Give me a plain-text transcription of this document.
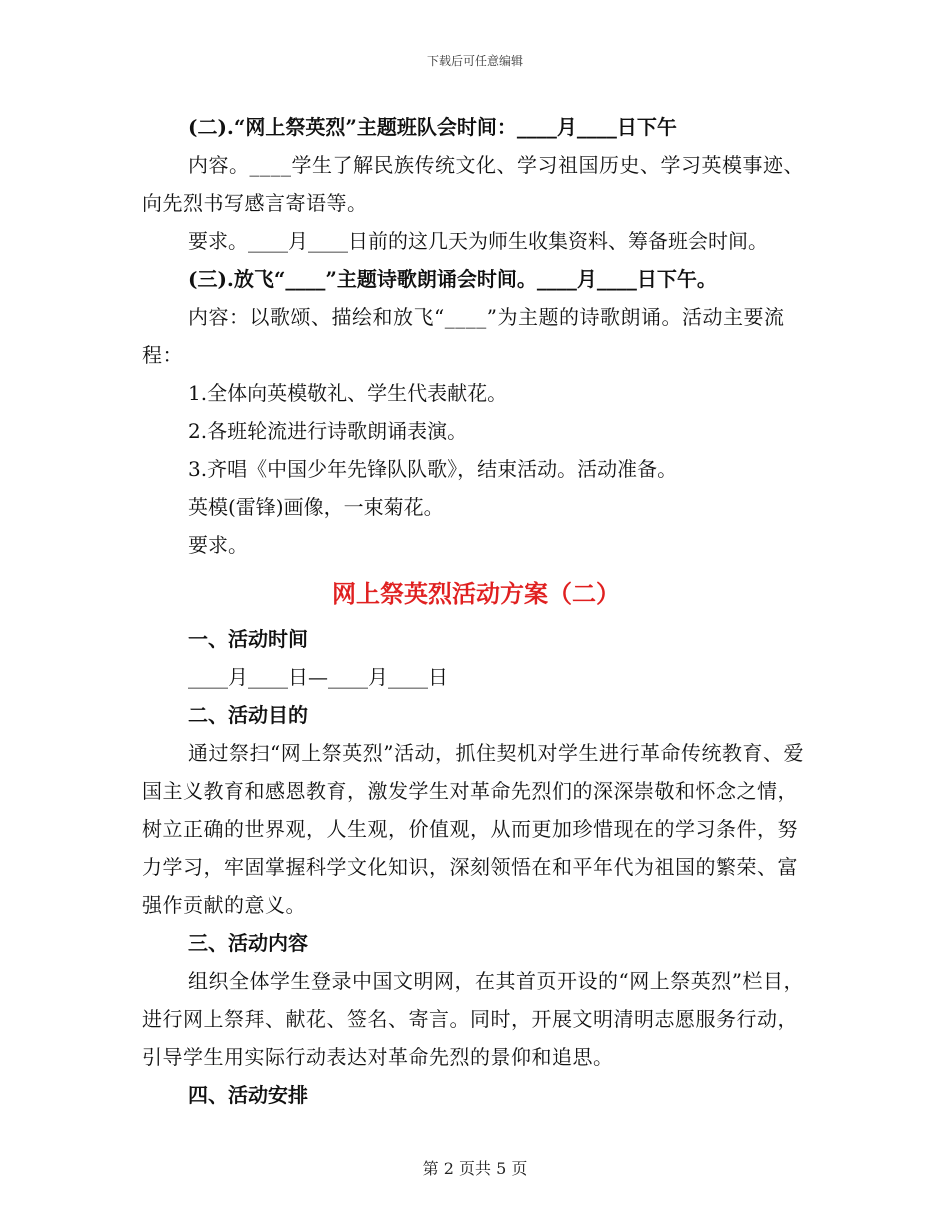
下载后可任意编辑
(二).“网上祭英烈”主题班队会时间：____月____日下午

内容。____学生了解民族传统文化、学习祖国历史、学习英模事迹、向先烈书写感言寄语等。

要求。____月____日前的这几天为师生收集资料、筹备班会时间。
(三).放飞“____”主题诗歌朗诵会时间。____月____日下午。

内容：以歌颂、描绘和放飞“____”为主题的诗歌朗诵。活动主要流程：

1.全体向英模敬礼、学生代表献花。
2.各班轮流进行诗歌朗诵表演。
3.齐唱《中国少年先锋队队歌》，结束活动。活动准备。
英模(雷锋)画像，一束菊花。
要求。
网上祭英烈活动方案（二）
一、活动时间
____月____日—____月____日
二、活动目的

通过祭扫“网上祭英烈”活动，抓住契机对学生进行革命传统教育、爱国主义教育和感恩教育，激发学生对革命先烈们的深深崇敬和怀念之情，树立正确的世界观，人生观，价值观，从而更加珍惜现在的学习条件，努力学习，牢固掌握科学文化知识，深刻领悟在和平年代为祖国的繁荣、富强作贡献的意义。

三、活动内容

组织全体学生登录中国文明网，在其首页开设的“网上祭英烈”栏目，进行网上祭拜、献花、签名、寄言。同时，开展文明清明志愿服务行动，引导学生用实际行动表达对革命先烈的景仰和追思。

四、活动安排
第 2 页共 5 页
